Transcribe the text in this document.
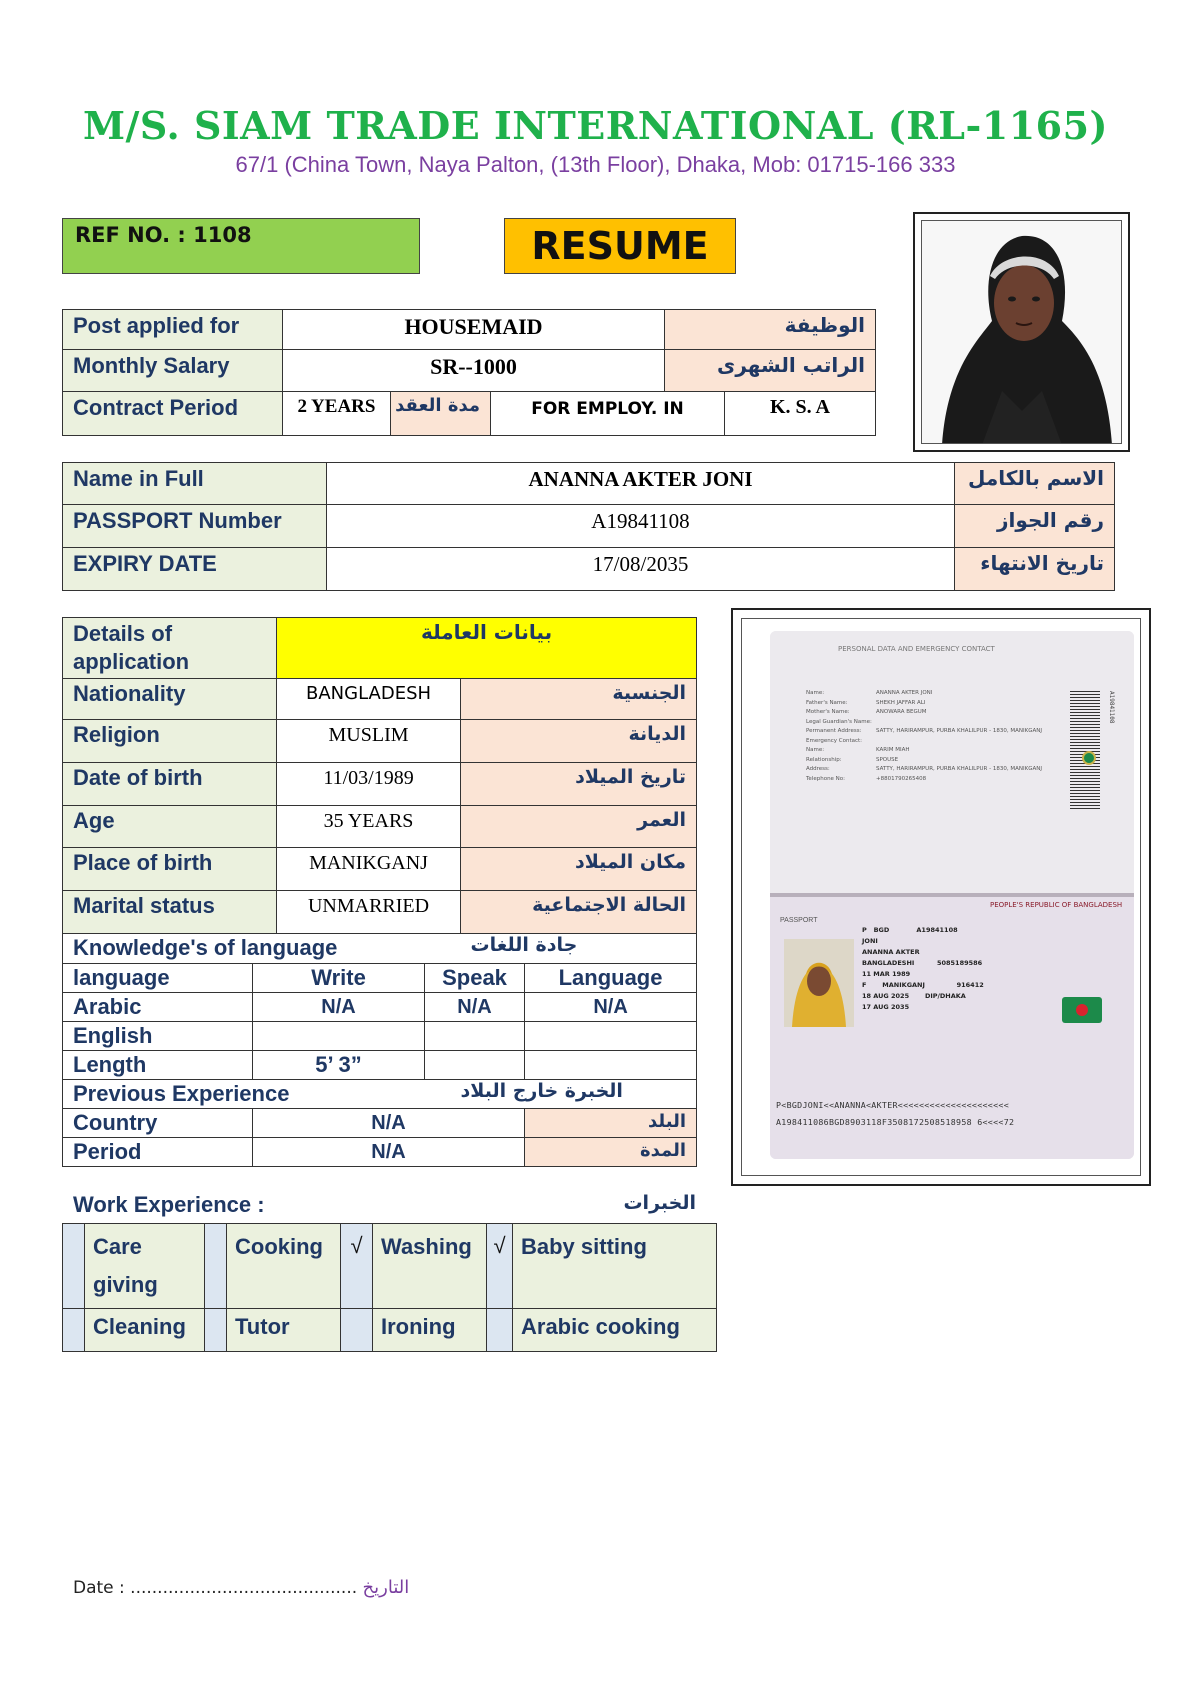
M/S. SIAM TRADE INTERNATIONAL (RL-1165)
67/1 (China Town, Naya Palton, (13th Floor), Dhaka, Mob: 01715-166 333
REF NO. : 1108	RESUME
Post applied for	HOUSEMAID			الوظيفة	
Monthly Salary	SR--1000			الراتب الشهرى	
Contract Period	2 YEARS	مدة العقد	FOR EMPLOY. IN		K. S. A
Name in Full	ANANNA AKTER JONI	الاسم بالكامل
PASSPORT Number	A19841108	رقم الجواز
EXPIRY DATE	17/08/2035	تاريخ الانتهاء
Details of application		بيانات العاملة			
Nationality		BANGLADESH		الجنسية	
Religion		MUSLIM		الديانة	
Date of birth		11/03/1989		تاريخ الميلاد	
Age		35 YEARS		العمر	
Place of birth		MANIKGANJ		مكان الميلاد	
Marital status		UNMARRIED		الحالة الاجتماعية	
Knowledge's of language				جادة اللغات	
language	Write		Speak		Language
Arabic	N/A		N/A		N/A
English					
Length	5’ 3”				
Previous Experience				الخبرة خارج البلاد	
Country	N/A				البلد
Period	N/A				المدة
PERSONAL DATA AND EMERGENCY CONTACT
Name:	ANANNA AKTER JONI
Father's Name:	SHEKH JAFFAR ALI
Mother's Name:	ANOWARA BEGUM
Legal Guardian's Name:
Permanent Address:	SATTY, HARIRAMPUR, PURBA KHALILPUR - 1830, MANIKGANJ
Emergency Contact:
Name:	KARIM MIAH
Relationship:	SPOUSE
Address:	SATTY, HARIRAMPUR, PURBA KHALILPUR - 1830, MANIKGANJ
Telephone No:	+8801790265408
A19841108
PEOPLE'S REPUBLIC OF BANGLADESH
PASSPORT
P BGD	A19841108
JONI
ANANNA AKTER
BANGLADESHI	5085189586
11 MAR 1989
F MANIKGANJ	916412
18 AUG 2025 DIP/DHAKA
17 AUG 2035
P<BGDJONI<<ANANNA<AKTER<<<<<<<<<<<<<<<<<<<<<
A198411086BGD8903118F3508172508518958 6<<<<72
Work Experience :	الخبرات
	Care giving		Cooking	√	Washing	√	Baby sitting
	Cleaning		Tutor		Ironing		Arabic cooking
Date : .......................................... التاريخ
